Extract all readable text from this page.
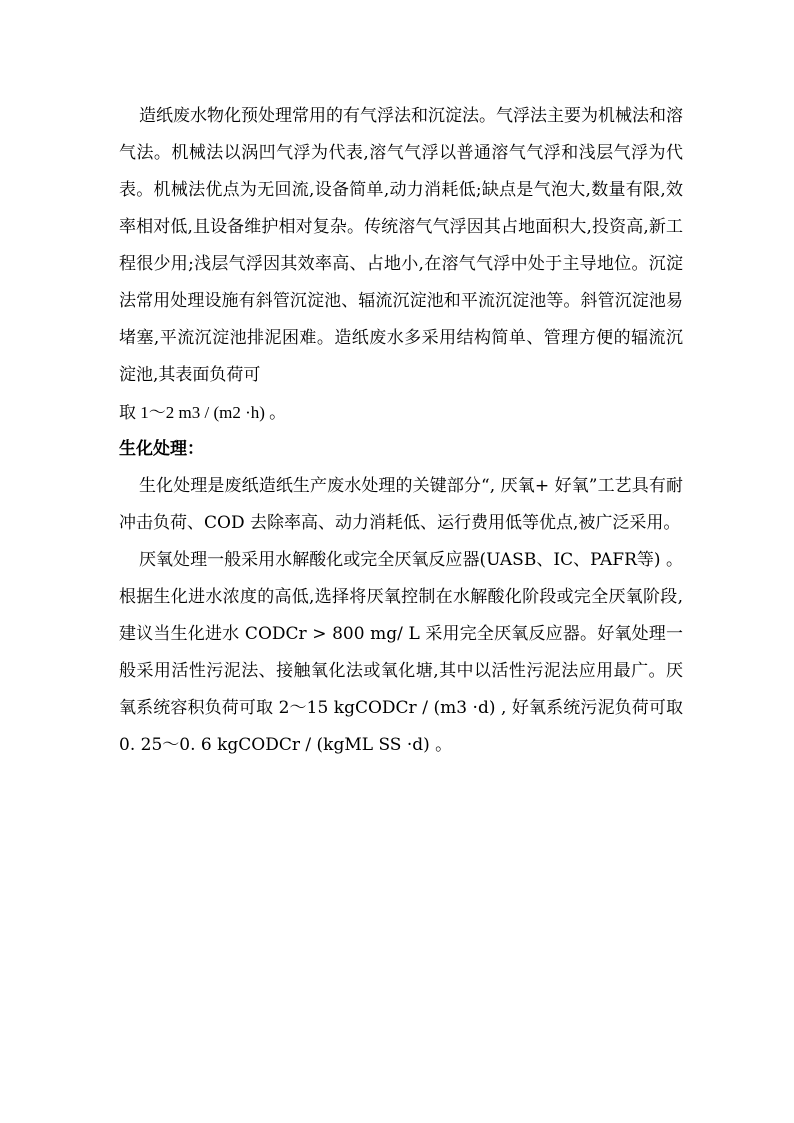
造纸废水物化预处理常用的有气浮法和沉淀法。气浮法主要为机械法和溶气法。机械法以涡凹气浮为代表,溶气气浮以普通溶气气浮和浅层气浮为代表。机械法优点为无回流,设备简单,动力消耗低;缺点是气泡大,数量有限,效率相对低,且设备维护相对复杂。传统溶气气浮因其占地面积大,投资高,新工程很少用;浅层气浮因其效率高、占地小,在溶气气浮中处于主导地位。沉淀法常用处理设施有斜管沉淀池、辐流沉淀池和平流沉淀池等。斜管沉淀池易堵塞,平流沉淀池排泥困难。造纸废水多采用结构简单、管理方便的辐流沉淀池,其表面负荷可

取 1～2 m3 / (m2 ·h) 。

生化处理：

生化处理是废纸造纸生产废水处理的关键部分“, 厌氧+ 好氧”工艺具有耐冲击负荷、COD 去除率高、动力消耗低、运行费用低等优点,被广泛采用。

厌氧处理一般采用水解酸化或完全厌氧反应器(UASB、IC、PAFR等) 。根据生化进水浓度的高低,选择将厌氧控制在水解酸化阶段或完全厌氧阶段,建议当生化进水 CODCr > 800 mg/ L 采用完全厌氧反应器。好氧处理一般采用活性污泥法、接触氧化法或氧化塘,其中以活性污泥法应用最广。厌氧系统容积负荷可取 2～15 kgCODCr / (m3 ·d) , 好氧系统污泥负荷可取 0. 25～0. 6 kgCODCr / (kgML SS ·d) 。
